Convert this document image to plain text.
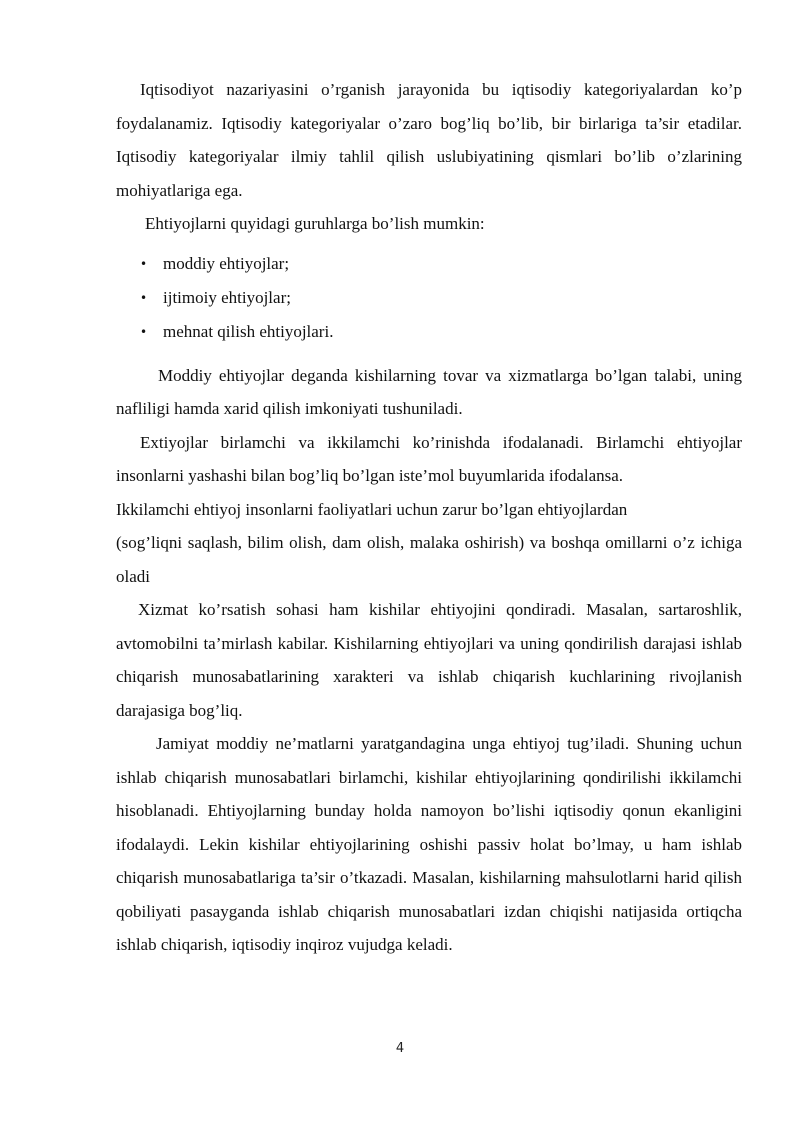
Iqtisodiyot nazariyasini o’rganish jarayonida bu iqtisodiy kategoriyalardan ko’p foydalanamiz. Iqtisodiy kategoriyalar o’zaro bog’liq bo’lib, bir birlariga ta’sir etadilar. Iqtisodiy kategoriyalar ilmiy tahlil qilish uslubiyatining qismlari bo’lib o’zlarining mohiyatlariga ega.

Ehtiyojlarni quyidagi guruhlarga bo’lish mumkin:

• moddiy ehtiyojlar;
• ijtimoiy ehtiyojlar;
• mehnat qilish ehtiyojlari.

Moddiy ehtiyojlar deganda kishilarning tovar va xizmatlarga bo’lgan talabi, uning nafliligi hamda xarid qilish imkoniyati tushuniladi.

Extiyojlar birlamchi va ikkilamchi ko’rinishda ifodalanadi. Birlamchi ehtiyojlar insonlarni yashashi bilan bog’liq bo’lgan iste’mol buyumlarida ifodalansa.

Ikkilamchi ehtiyoj insonlarni faoliyatlari uchun zarur bo’lgan ehtiyojlardan

(sog’liqni saqlash, bilim olish, dam olish, malaka oshirish) va boshqa omillarni o’z ichiga oladi

Xizmat ko’rsatish sohasi ham kishilar ehtiyojini qondiradi. Masalan, sartaroshlik, avtomobilni ta’mirlash kabilar. Kishilarning ehtiyojlari va uning qondirilish darajasi ishlab chiqarish munosabatlarining xarakteri va ishlab chiqarish kuchlarining rivojlanish darajasiga bog’liq.

Jamiyat moddiy ne’matlarni yaratgandagina unga ehtiyoj tug’iladi. Shuning uchun ishlab chiqarish munosabatlari birlamchi, kishilar ehtiyojlarining qondirilishi ikkilamchi hisoblanadi. Ehtiyojlarning bunday holda namoyon bo’lishi iqtisodiy qonun ekanligini ifodalaydi. Lekin kishilar ehtiyojlarining oshishi passiv holat bo’lmay, u ham ishlab chiqarish munosabatlariga ta’sir o’tkazadi. Masalan, kishilarning mahsulotlarni harid qilish qobiliyati pasayganda ishlab chiqarish munosabatlari izdan chiqishi natijasida ortiqcha ishlab chiqarish, iqtisodiy inqiroz vujudga keladi.

4
